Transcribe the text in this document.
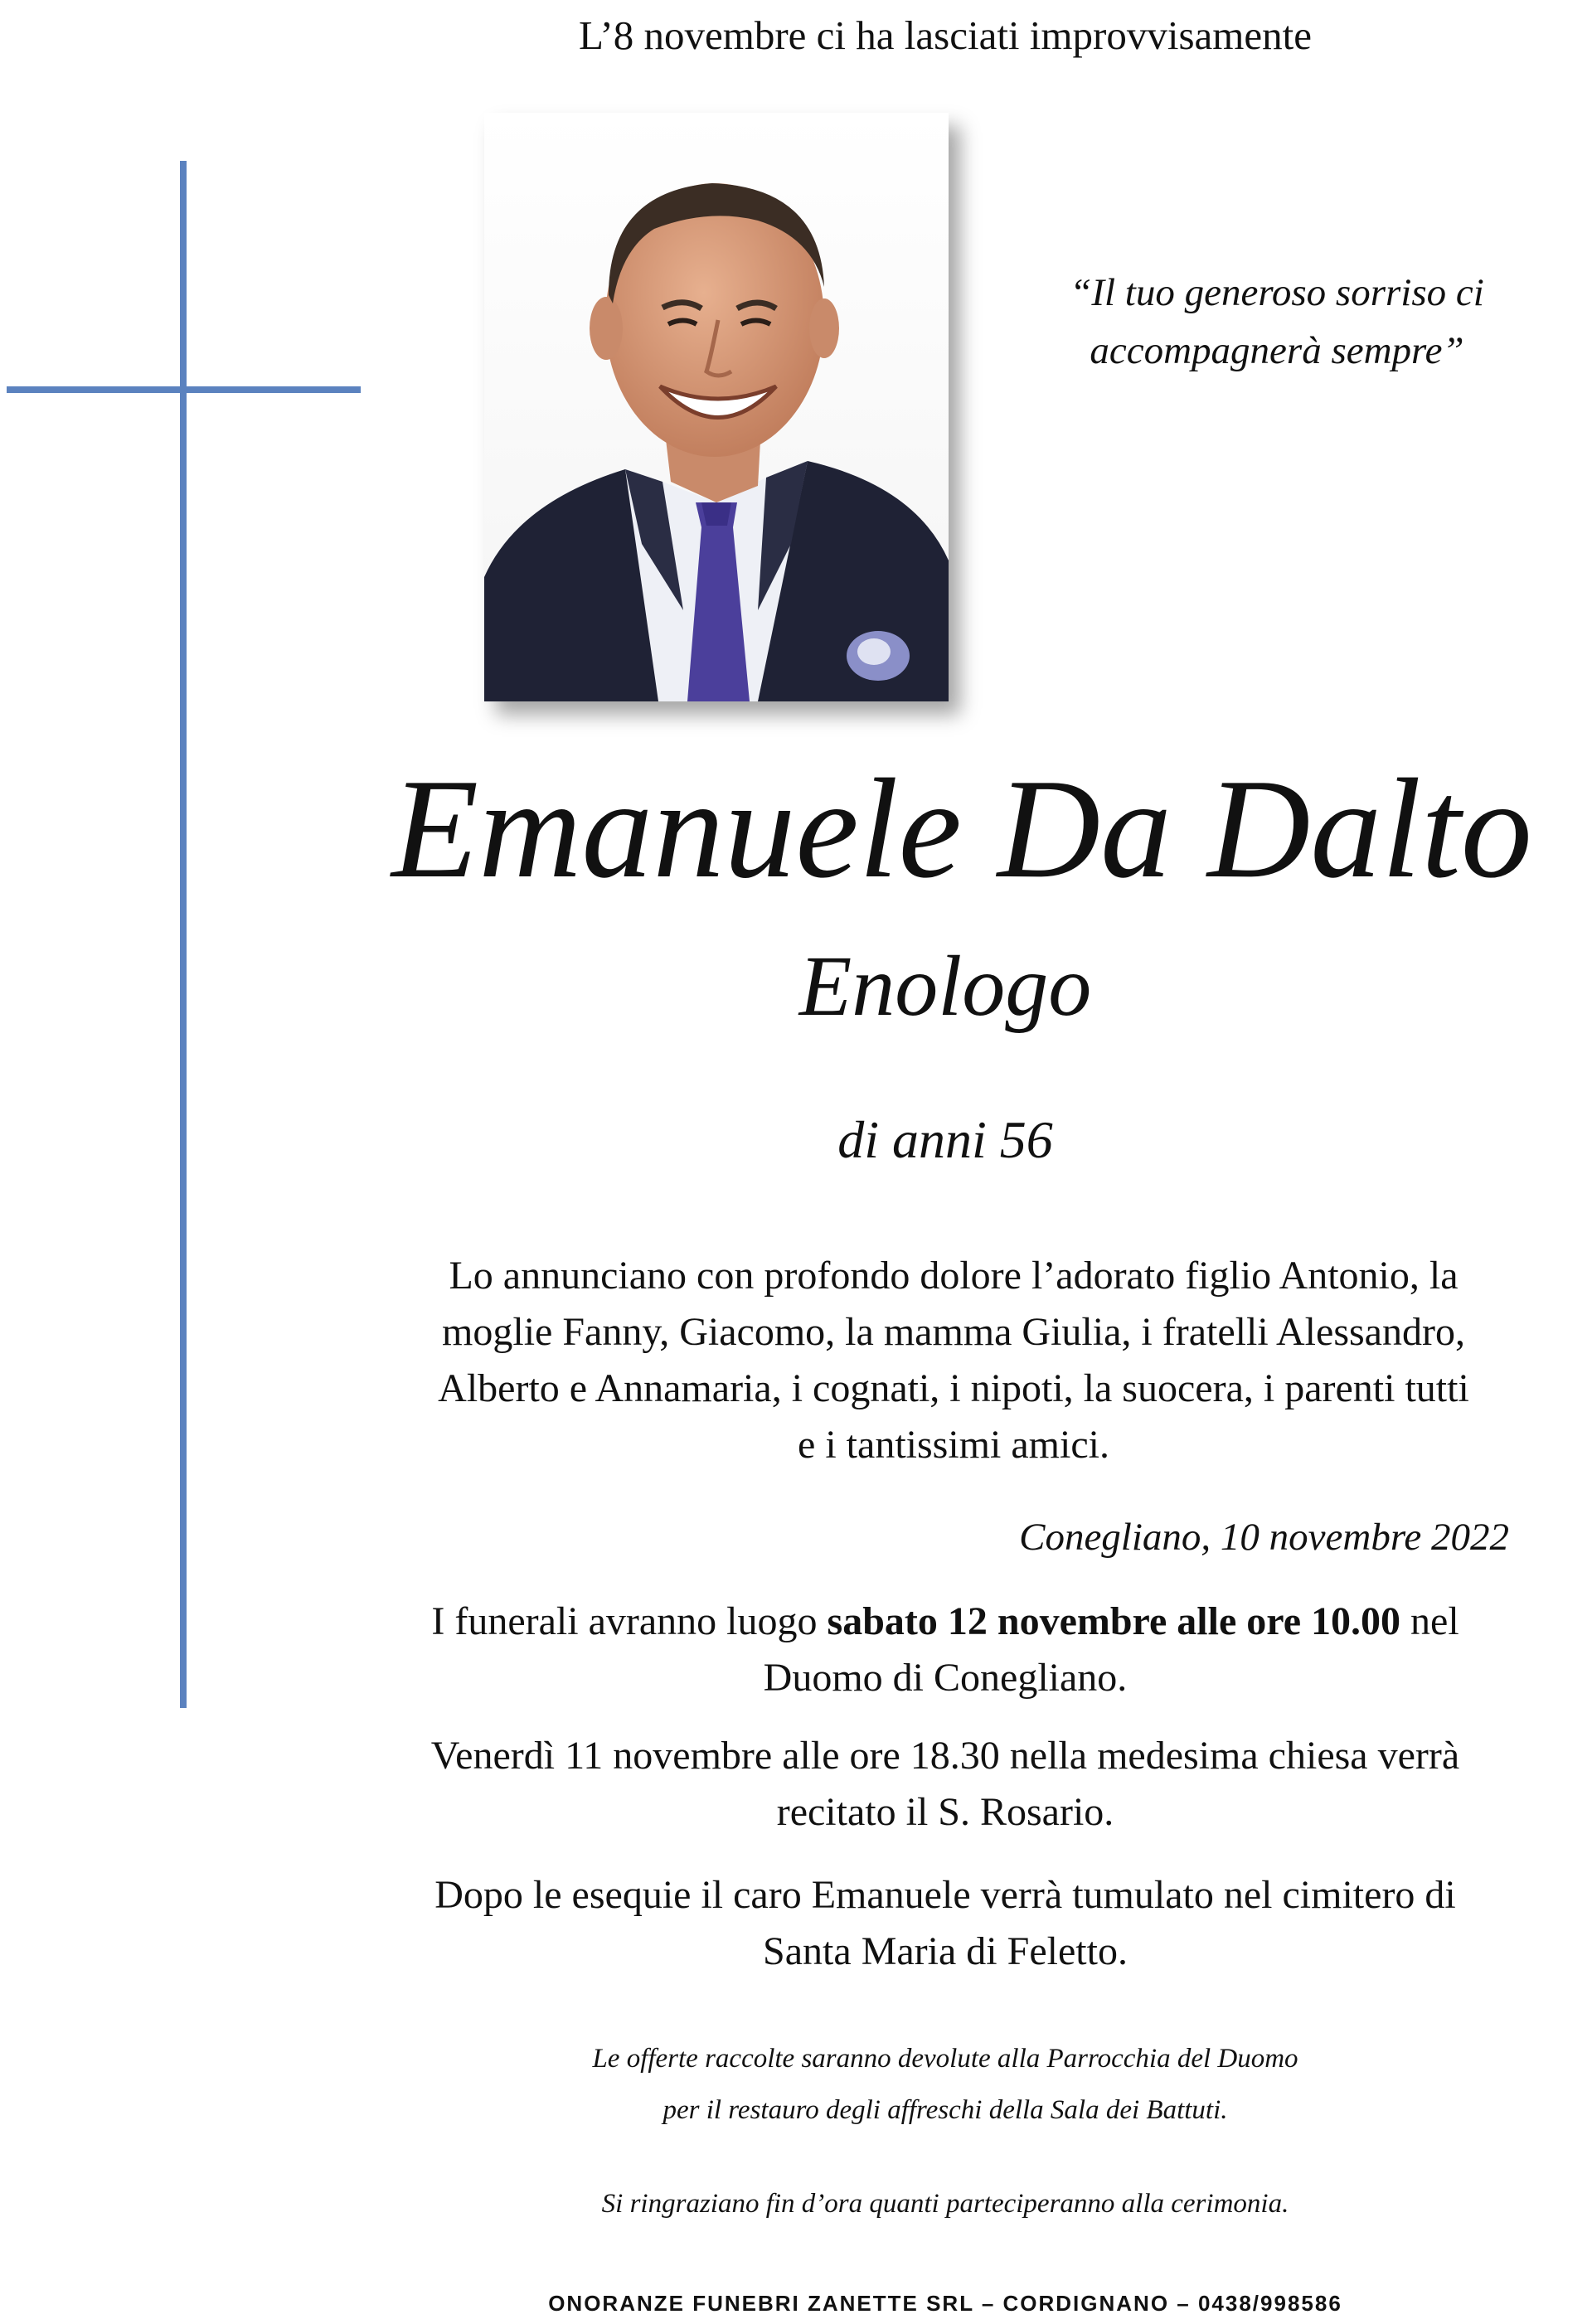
L’8 novembre ci ha lasciati improvvisamente
“Il tuo generoso sorriso ci
accompagnerà sempre”
Emanuele Da Dalto
Enologo
di anni 56
Lo annunciano con profondo dolore l’adorato figlio Antonio, la
moglie Fanny, Giacomo, la mamma Giulia, i fratelli Alessandro,
Alberto e Annamaria, i cognati, i nipoti, la suocera, i parenti tutti
e i tantissimi amici.
Conegliano, 10 novembre 2022
I funerali avranno luogo sabato 12 novembre alle ore 10.00 nel
Duomo di Conegliano.
Venerdì 11 novembre alle ore 18.30 nella medesima chiesa verrà
recitato il S. Rosario.
Dopo le esequie il caro Emanuele verrà tumulato nel cimitero di
Santa Maria di Feletto.
Le offerte raccolte saranno devolute alla Parrocchia del Duomo
per il restauro degli affreschi della Sala dei Battuti.
Si ringraziano fin d’ora quanti parteciperanno alla cerimonia.
ONORANZE FUNEBRI ZANETTE SRL – CORDIGNANO – 0438/998586
